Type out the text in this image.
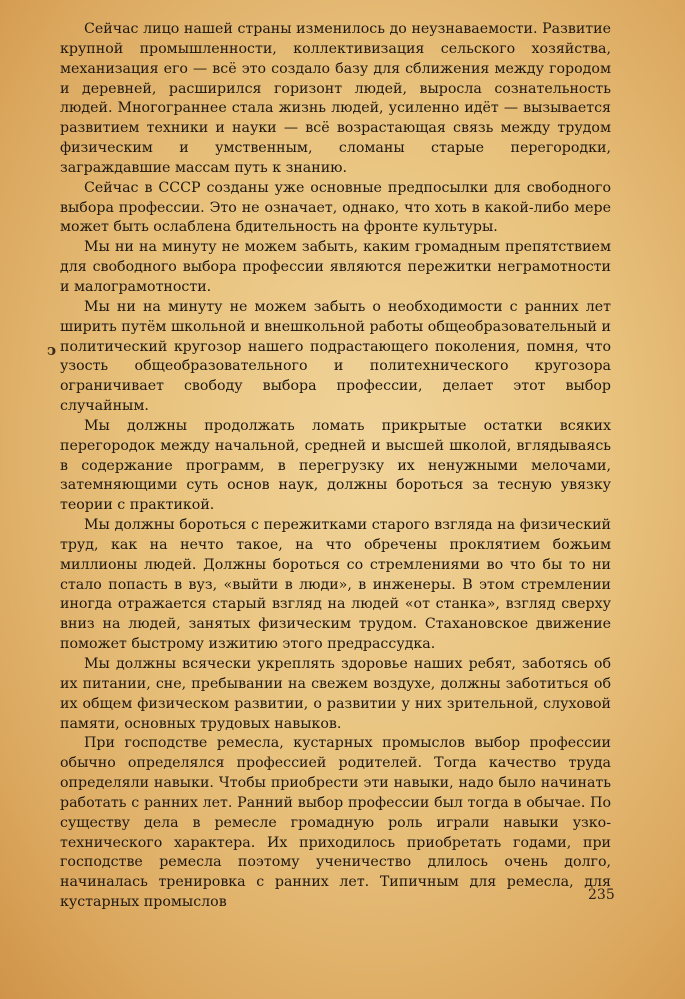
ↄ

Сейчас лицо нашей страны изменилось до неузнаваемости. Развитие крупной промышленности, коллективизация сельского хозяйства, механизация его — всё это создало базу для сближения между городом и деревней, расширился горизонт людей, выросла сознательность людей. Многограннее стала жизнь людей, усиленно идёт — вызывается развитием техники и науки — всё возрастающая связь между трудом физическим и умственным, сломаны старые перегородки, заграждавшие массам путь к знанию.

Сейчас в СССР созданы уже основные предпосылки для свободного выбора профессии. Это не означает, однако, что хоть в какой-либо мере может быть ослаблена бдительность на фронте культуры.

Мы ни на минуту не можем забыть, каким громадным препятствием для свободного выбора профессии являются пережитки неграмотности и малограмотности.

Мы ни на минуту не можем забыть о необходимости с ранних лет ширить путём школьной и внешкольной работы общеобразовательный и политический кругозор нашего подрастающего поколения, помня, что узость общеобразовательного и политехнического кругозора ограничивает свободу выбора профессии, делает этот выбор случайным.

Мы должны продолжать ломать прикрытые остатки всяких перегородок между начальной, средней и высшей школой, вглядываясь в содержание программ, в перегрузку их ненужными мелочами, затемняющими суть основ наук, должны бороться за тесную увязку теории с практикой.

Мы должны бороться с пережитками старого взгляда на физический труд, как на нечто такое, на что обречены проклятием божьим миллионы людей. Должны бороться со стремлениями во что бы то ни стало попасть в вуз, «выйти в люди», в инженеры. В этом стремлении иногда отражается старый взгляд на людей «от станка», взгляд сверху вниз на людей, занятых физическим трудом. Стахановское движение поможет быстрому изжитию этого предрассудка.

Мы должны всячески укреплять здоровье наших ребят, заботясь об их питании, сне, пребывании на свежем воздухе, должны заботиться об их общем физическом развитии, о развитии у них зрительной, слуховой памяти, основных трудовых навыков.

При господстве ремесла, кустарных промыслов выбор профессии обычно определялся профессией родителей. Тогда качество труда определяли навыки. Чтобы приобрести эти навыки, надо было начинать работать с ранних лет. Ранний выбор профессии был тогда в обычае. По существу дела в ремесле громадную роль играли навыки узко-технического характера. Их приходилось приобретать годами, при господстве ремесла поэтому ученичество длилось очень долго, начиналась тренировка с ранних лет. Типичным для ремесла, для кустарных промыслов	235
